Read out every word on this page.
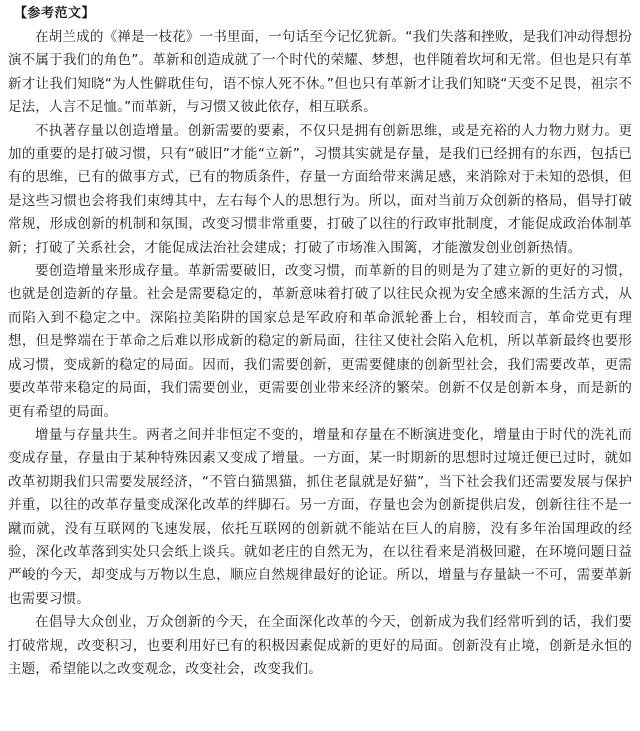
【参考范文】

在胡兰成的《禅是一枝花》一书里面，一句话至今记忆犹新。“我们失落和挫败，是我们冲动得想扮演不属于我们的角色”。革新和创造成就了一个时代的荣耀、梦想，也伴随着坎坷和无常。但也是只有革新才让我们知晓“为人性僻耽佳句，语不惊人死不休。”但也只有革新才让我们知晓“天变不足畏，祖宗不足法，人言不足恤。”而革新，与习惯又彼此依存，相互联系。

不执著存量以创造增量。创新需要的要素，不仅只是拥有创新思维，或是充裕的人力物力财力。更加的重要的是打破习惯，只有“破旧”才能“立新”，习惯其实就是存量，是我们已经拥有的东西，包括已有的思维，已有的做事方式，已有的物质条件，存量一方面给带来满足感，来消除对于未知的恐惧，但是这些习惯也会将我们束缚其中，左右每个人的思想行为。所以，面对当前万众创新的格局，倡导打破常规，形成创新的机制和氛围，改变习惯非常重要，打破了以往的行政审批制度，才能促成政治体制革新；打破了关系社会，才能促成法治社会建成；打破了市场准入围篱，才能激发创业创新热情。

要创造增量来形成存量。革新需要破旧，改变习惯，而革新的目的则是为了建立新的更好的习惯，也就是创造新的存量。社会是需要稳定的，革新意味着打破了以往民众视为安全感来源的生活方式，从而陷入到不稳定之中。深陷拉美陷阱的国家总是军政府和革命派轮番上台，相较而言，革命党更有理想，但是弊端在于革命之后难以形成新的稳定的新局面，往往又使社会陷入危机，所以革新最终也要形成习惯，变成新的稳定的局面。因而，我们需要创新，更需要健康的创新型社会，我们需要改革，更需要改革带来稳定的局面，我们需要创业，更需要创业带来经济的繁荣。创新不仅是创新本身，而是新的更有希望的局面。

增量与存量共生。两者之间并非恒定不变的，增量和存量在不断演进变化，增量由于时代的洗礼而变成存量，存量由于某种特殊因素又变成了增量。一方面，某一时期新的思想时过境迁便已过时，就如改革初期我们只需要发展经济，“不管白猫黑猫，抓住老鼠就是好猫”，当下社会我们还需要发展与保护并重，以往的改革存量变成深化改革的绊脚石。另一方面，存量也会为创新提供启发，创新往往不是一蹴而就，没有互联网的飞速发展，依托互联网的创新就不能站在巨人的肩膀，没有多年治国理政的经验，深化改革落到实处只会纸上谈兵。就如老庄的自然无为，在以往看来是消极回避，在环境问题日益严峻的今天，却变成与万物以生息，顺应自然规律最好的论证。所以，增量与存量缺一不可，需要革新也需要习惯。

在倡导大众创业，万众创新的今天，在全面深化改革的今天，创新成为我们经常听到的话，我们要打破常规，改变积习，也要利用好已有的积极因素促成新的更好的局面。创新没有止境，创新是永恒的主题，希望能以之改变观念，改变社会，改变我们。
